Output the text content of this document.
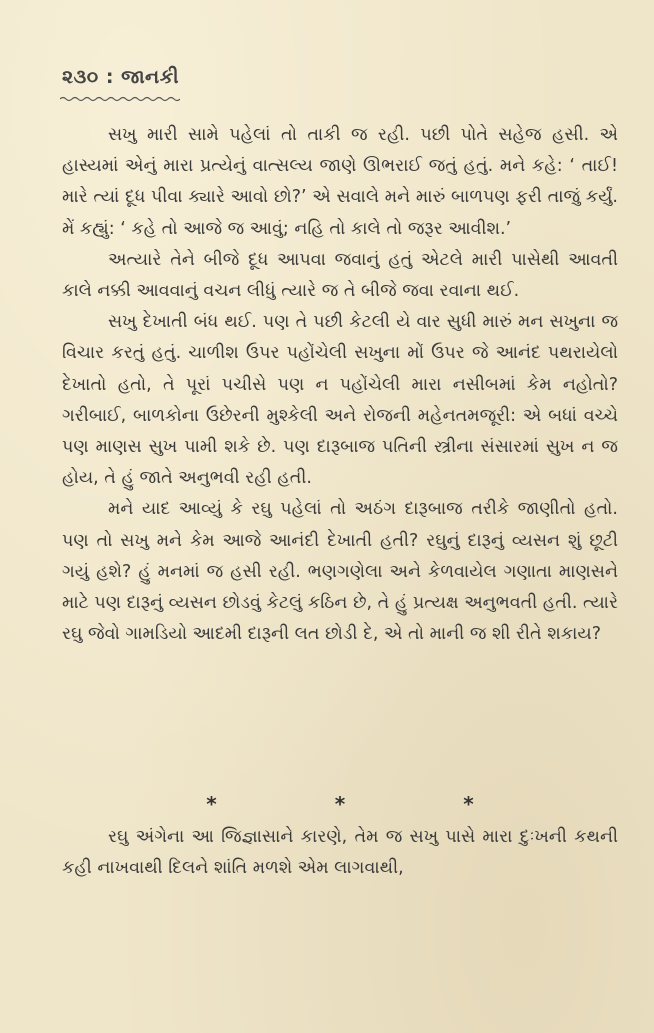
૨૩૦ : જાનકી

સખુ મારી સામે પહેલાં તો તાકી જ રહી. પછી પોતે સહેજ હસી. એ હાસ્યમાં એનું મારા પ્રત્યેનું વાત્સલ્ય જાણે ઊભરાઈ જતું હતું. મને કહે: ‘ તાઈ! મારે ત્યાં દૂધ પીવા ક્યારે આવો છો?’ એ સવાલે મને મારું બાળપણ ફરી તાજું કર્યું. મેં કહ્યું: ‘ કહે તો આજે જ આવું; નહિ તો કાલે તો જરૂર આવીશ.’

અત્યારે તેને બીજે દૂધ આપવા જવાનું હતું એટલે મારી પાસેથી આવતી કાલે નક્કી આવવાનું વચન લીધું ત્યારે જ તે બીજે જવા રવાના થઈ.

સખુ દેખાતી બંધ થઈ. પણ તે પછી કેટલી યે વાર સુધી મારું મન સખુના જ વિચાર કરતું હતું. ચાળીશ ઉપર પહોંચેલી સખુના મોં ઉપર જે આનંદ પથરાયેલો દેખાતો હતો, તે પૂરાં પચીસે પણ ન પહોંચેલી મારા નસીબમાં કેમ નહોતો? ગરીબાઈ, બાળકોના ઉછેરની મુશ્કેલી અને રોજની મહેનતમજૂરી: એ બધાં વચ્ચે પણ માણસ સુખ પામી શકે છે. પણ દારૂબાજ પતિની સ્ત્રીના સંસારમાં સુખ ન જ હોય, તે હું જાતે અનુભવી રહી હતી.

મને યાદ આવ્યું કે રઘુ પહેલાં તો અઠંગ દારૂબાજ તરીકે જાણીતો હતો. પણ તો સખુ મને કેમ આજે આનંદી દેખાતી હતી? રઘુનું દારૂનું વ્યસન શું છૂટી ગયું હશે? હું મનમાં જ હસી રહી. ભણગણેલા અને કેળવાયેલ ગણાતા માણસને માટે પણ દારૂનું વ્યસન છોડવું કેટલું કઠિન છે, તે હું પ્રત્યક્ષ અનુભવતી હતી. ત્યારે રઘુ જેવો ગામડિયો આદમી દારૂની લત છોડી દે, એ તો માની જ શી રીતે શકાય?

*	*	*

રઘુ અંગેના આ જિજ્ઞાસાને કારણે, તેમ જ સખુ પાસે મારા દુઃખની કથની કહી નાખવાથી દિલને શાંતિ મળશે એમ લાગવાથી,
